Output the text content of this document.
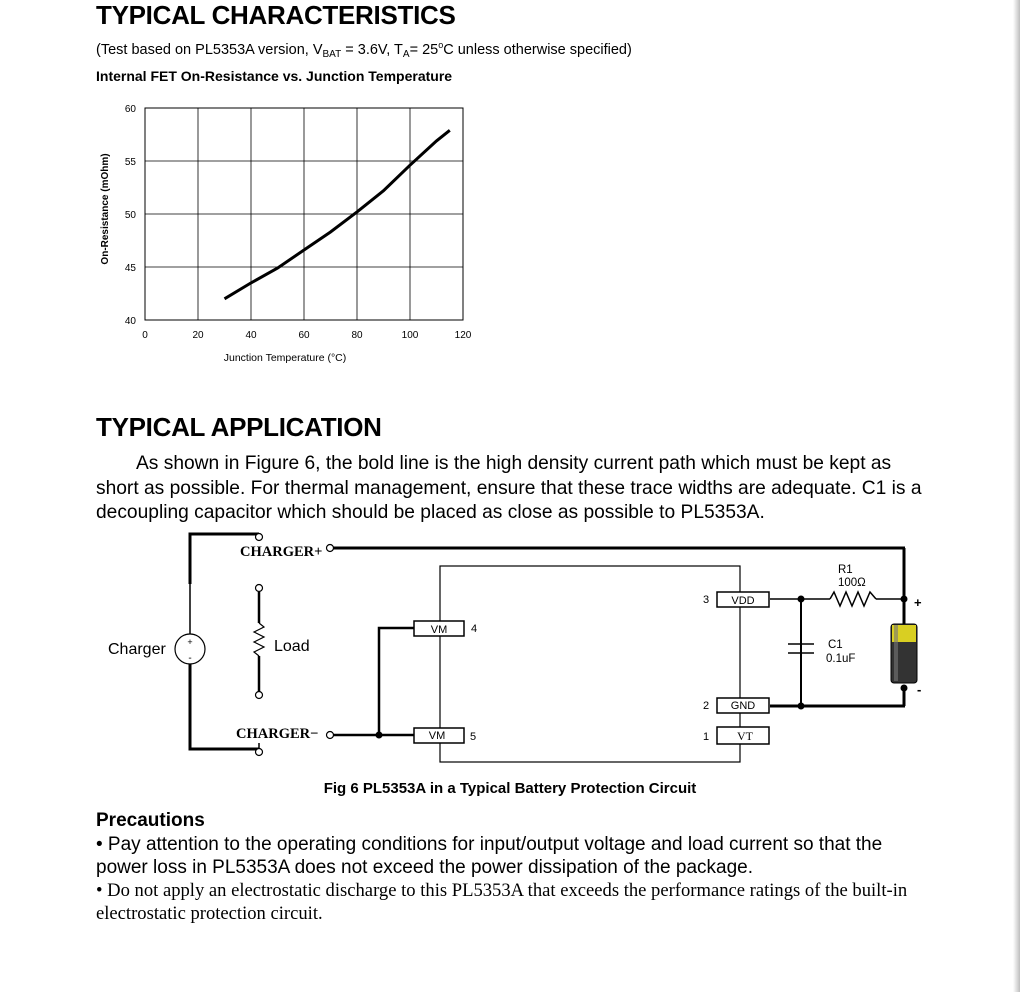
TYPICAL CHARACTERISTICS
(Test based on PL5353A version, $V_{BAT} = 3.6V$, $T_A= 25^oC$ unless otherwise specified)
Internal FET On-Resistance vs. Junction Temperature
40
45
50
55
60
0	20	40	60	80	100	120
On-Resistance (mOhm)
Junction Temperature (°C)
TYPICAL APPLICATION

As shown in Figure 6, the bold line is the high density current path which must be kept as short as possible. For thermal management, ensure that these trace widths are adequate. C1 is a decoupling capacitor which should be placed as close as possible to PL5353A.

+
-
Charger	Load
CHARGER+
CHARGER−
VM 4
VM 5
VDD
3
GND
2
VT
1
R1
100Ω
C1
0.1uF
+
-
Fig 6 PL5353A in a Typical Battery Protection Circuit
Precautions

• Pay attention to the operating conditions for input/output voltage and load current so that the power loss in PL5353A does not exceed the power dissipation of the package.

• Do not apply an electrostatic discharge to this PL5353A that exceeds the performance ratings of the built-in electrostatic protection circuit.
